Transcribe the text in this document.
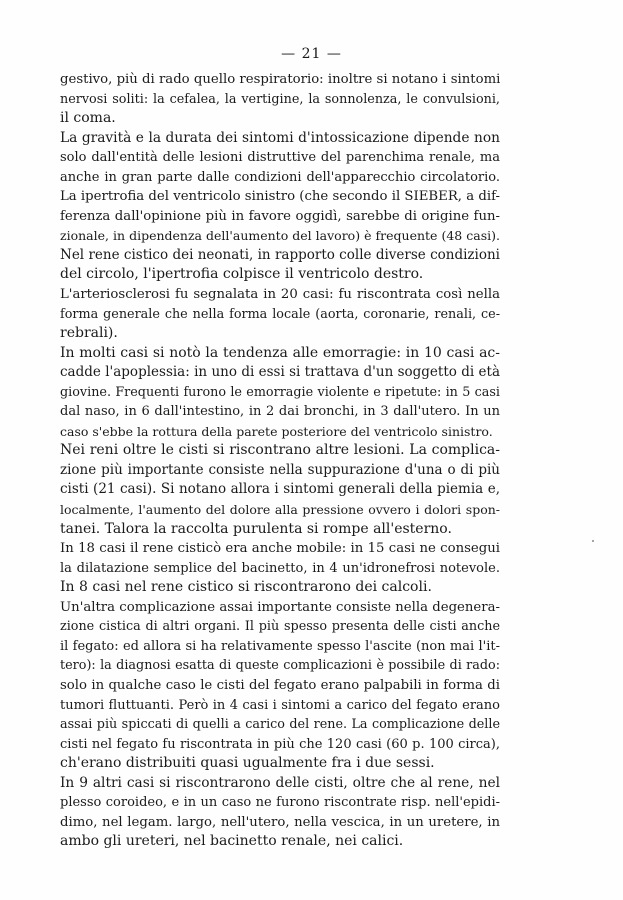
— 21 —
gestivo, più di rado quello respiratorio: inoltre si notano i sintomi
nervosi soliti: la cefalea, la vertigine, la sonnolenza, le convulsioni,
il coma.
La gravità e la durata dei sintomi d'intossicazione dipende non
solo dall'entità delle lesioni distruttive del parenchima renale, ma
anche in gran parte dalle condizioni dell'apparecchio circolatorio.
La ipertrofia del ventricolo sinistro (che secondo il SIEBER, a dif-
ferenza dall'opinione più in favore oggidì, sarebbe di origine fun-
zionale, in dipendenza dell'aumento del lavoro) è frequente (48 casi).
Nel rene cistico dei neonati, in rapporto colle diverse condizioni
del circolo, l'ipertrofia colpisce il ventricolo destro.
L'arteriosclerosi fu segnalata in 20 casi: fu riscontrata così nella
forma generale che nella forma locale (aorta, coronarie, renali, ce-
rebrali).
In molti casi si notò la tendenza alle emorragie: in 10 casi ac-
cadde l'apoplessia: in uno di essi si trattava d'un soggetto di età
giovine. Frequenti furono le emorragie violente e ripetute: in 5 casi
dal naso, in 6 dall'intestino, in 2 dai bronchi, in 3 dall'utero. In un
caso s'ebbe la rottura della parete posteriore del ventricolo sinistro.
Nei reni oltre le cisti si riscontrano altre lesioni. La complica-
zione più importante consiste nella suppurazione d'una o di più
cisti (21 casi). Si notano allora i sintomi generali della piemia e,
localmente, l'aumento del dolore alla pressione ovvero i dolori spon-
tanei. Talora la raccolta purulenta si rompe all'esterno.
In 18 casi il rene cisticò era anche mobile: in 15 casi ne consegui
la dilatazione semplice del bacinetto, in 4 un'idronefrosi notevole.
In 8 casi nel rene cistico si riscontrarono dei calcoli.
Un'altra complicazione assai importante consiste nella degenera-
zione cistica di altri organi. Il più spesso presenta delle cisti anche
il fegato: ed allora si ha relativamente spesso l'ascite (non mai l'it-
tero): la diagnosi esatta di queste complicazioni è possibile di rado:
solo in qualche caso le cisti del fegato erano palpabili in forma di
tumori fluttuanti. Però in 4 casi i sintomi a carico del fegato erano
assai più spiccati di quelli a carico del rene. La complicazione delle
cisti nel fegato fu riscontrata in più che 120 casi (60 p. 100 circa),
ch'erano distribuiti quasi ugualmente fra i due sessi.
In 9 altri casi si riscontrarono delle cisti, oltre che al rene, nel
plesso coroideo, e in un caso ne furono riscontrate risp. nell'epidi-
dimo, nel legam. largo, nell'utero, nella vescica, in un uretere, in
ambo gli ureteri, nel bacinetto renale, nei calici.
